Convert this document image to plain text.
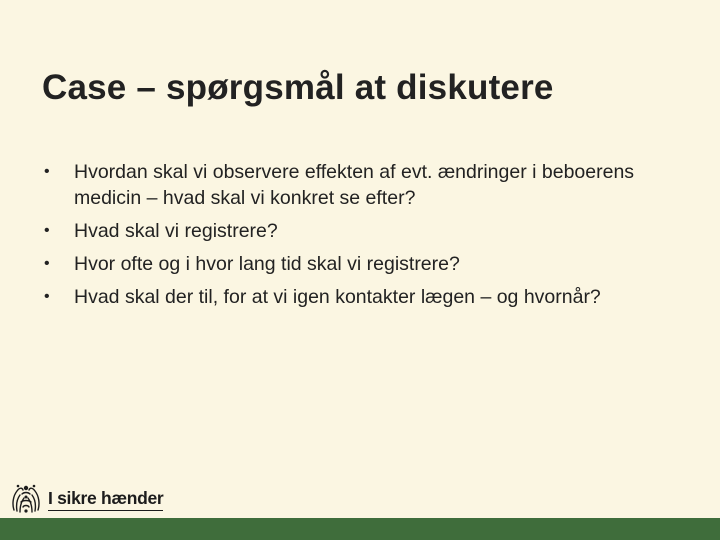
Case – spørgsmål at diskutere
• Hvordan skal vi observere effekten af evt. ændringer i beboerens medicin – hvad skal vi konkret se efter?
• Hvad skal vi registrere?
• Hvor ofte og i hvor lang tid skal vi registrere?
• Hvad skal der til, for at vi igen kontakter lægen – og hvornår?
I sikre hænder
